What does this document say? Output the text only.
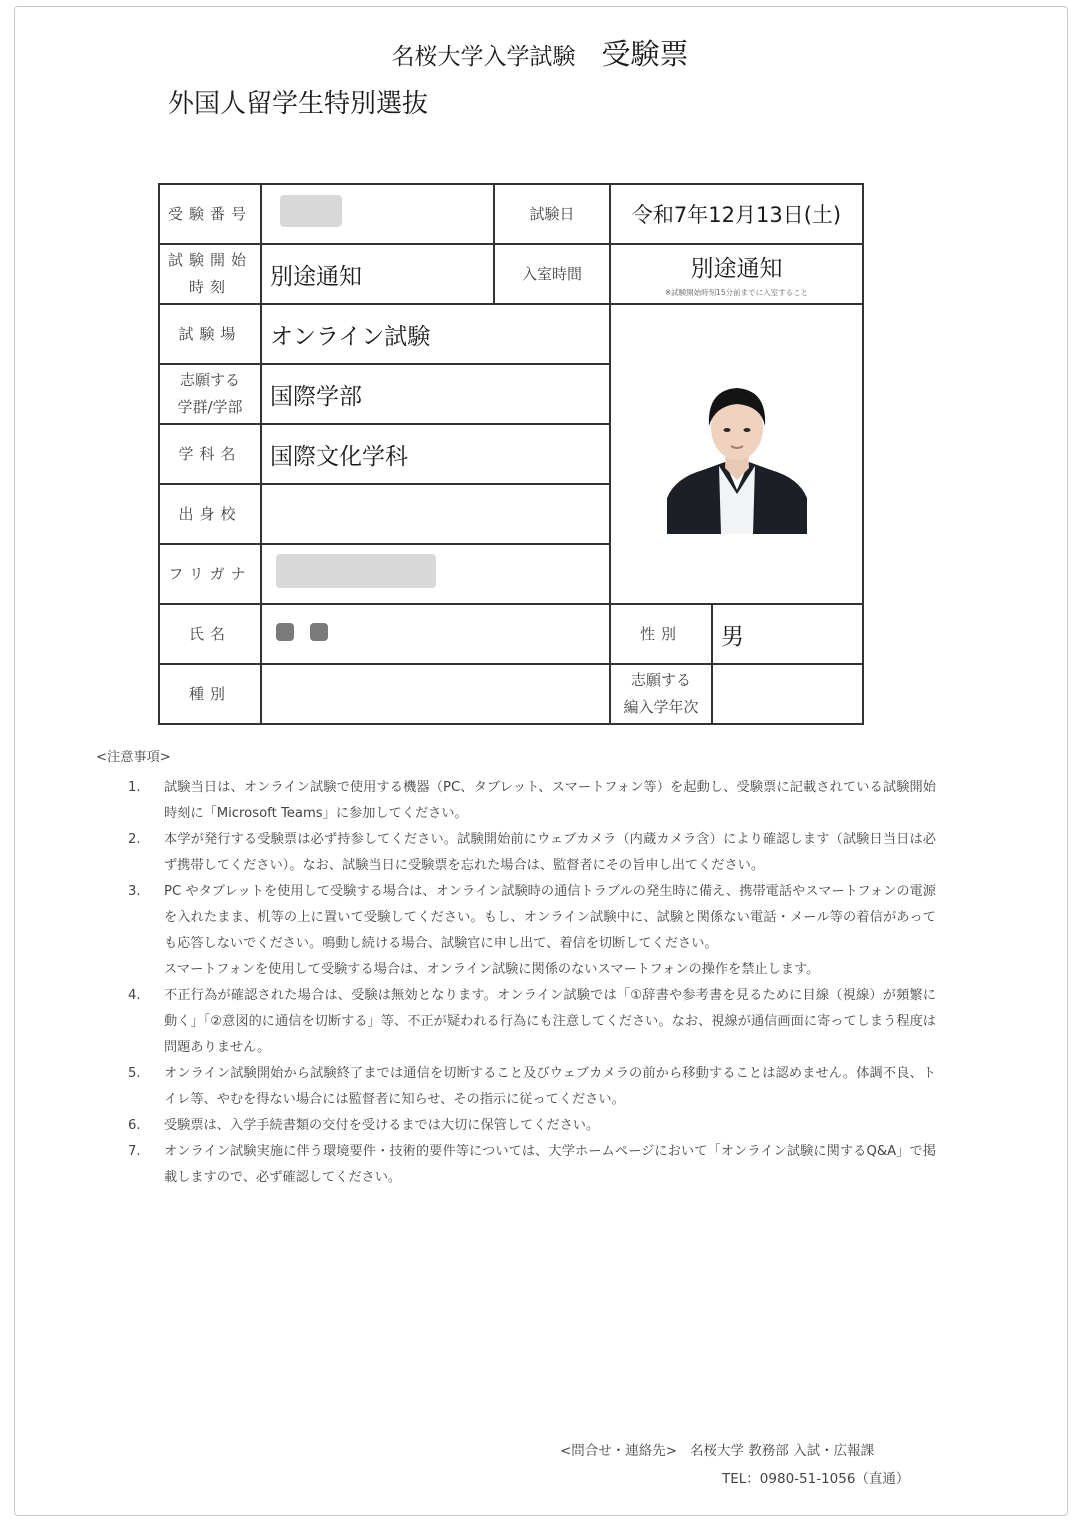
名桜大学入学試験 受験票
外国人留学生特別選抜
受験番号		試験日	令和7年12月13日(土)	
試験開始
時刻	別途通知	入室時間	別途通知
※試験開始時刻15分前までに入室すること	

試験場	オンライン試験	
志願する
学群/学部	国際学部			
学科名	国際文化学科			
出身校				
フリガナ				
氏名			性別	男
種別			志願する
編入学年次	
<注意事項>
1. 試験当日は、オンライン試験で使用する機器（PC、タブレット、スマートフォン等）を起動し、受験票に記載されている試験開始時刻に「Microsoft Teams」に参加してください。

2. 本学が発行する受験票は必ず持参してください。試験開始前にウェブカメラ（内蔵カメラ含）により確認します（試験日当日は必ず携帯してください）。なお、試験当日に受験票を忘れた場合は、監督者にその旨申し出てください。

3. PC やタブレットを使用して受験する場合は、オンライン試験時の通信トラブルの発生時に備え、携帯電話やスマートフォンの電源を入れたまま、机等の上に置いて受験してください。もし、オンライン試験中に、試験と関係ない電話・メール等の着信があっても応答しないでください。鳴動し続ける場合、試験官に申し出て、着信を切断してください。

スマートフォンを使用して受験する場合は、オンライン試験に関係のないスマートフォンの操作を禁止します。

4. 不正行為が確認された場合は、受験は無効となります。オンライン試験では「①辞書や参考書を見るために目線（視線）が頻繁に動く」「②意図的に通信を切断する」等、不正が疑われる行為にも注意してください。なお、視線が通信画面に寄ってしまう程度は問題ありません。

5. オンライン試験開始から試験終了までは通信を切断すること及びウェブカメラの前から移動することは認めません。体調不良、トイレ等、やむを得ない場合には監督者に知らせ、その指示に従ってください。

6. 受験票は、入学手続書類の交付を受けるまでは大切に保管してください。

7. オンライン試験実施に伴う環境要件・技術的要件等については、大学ホームページにおいて「オンライン試験に関するQ&A」で掲載しますので、必ず確認してください。

<問合せ・連絡先> 名桜大学 教務部 入試・広報課
TEL：0980-51-1056（直通）
